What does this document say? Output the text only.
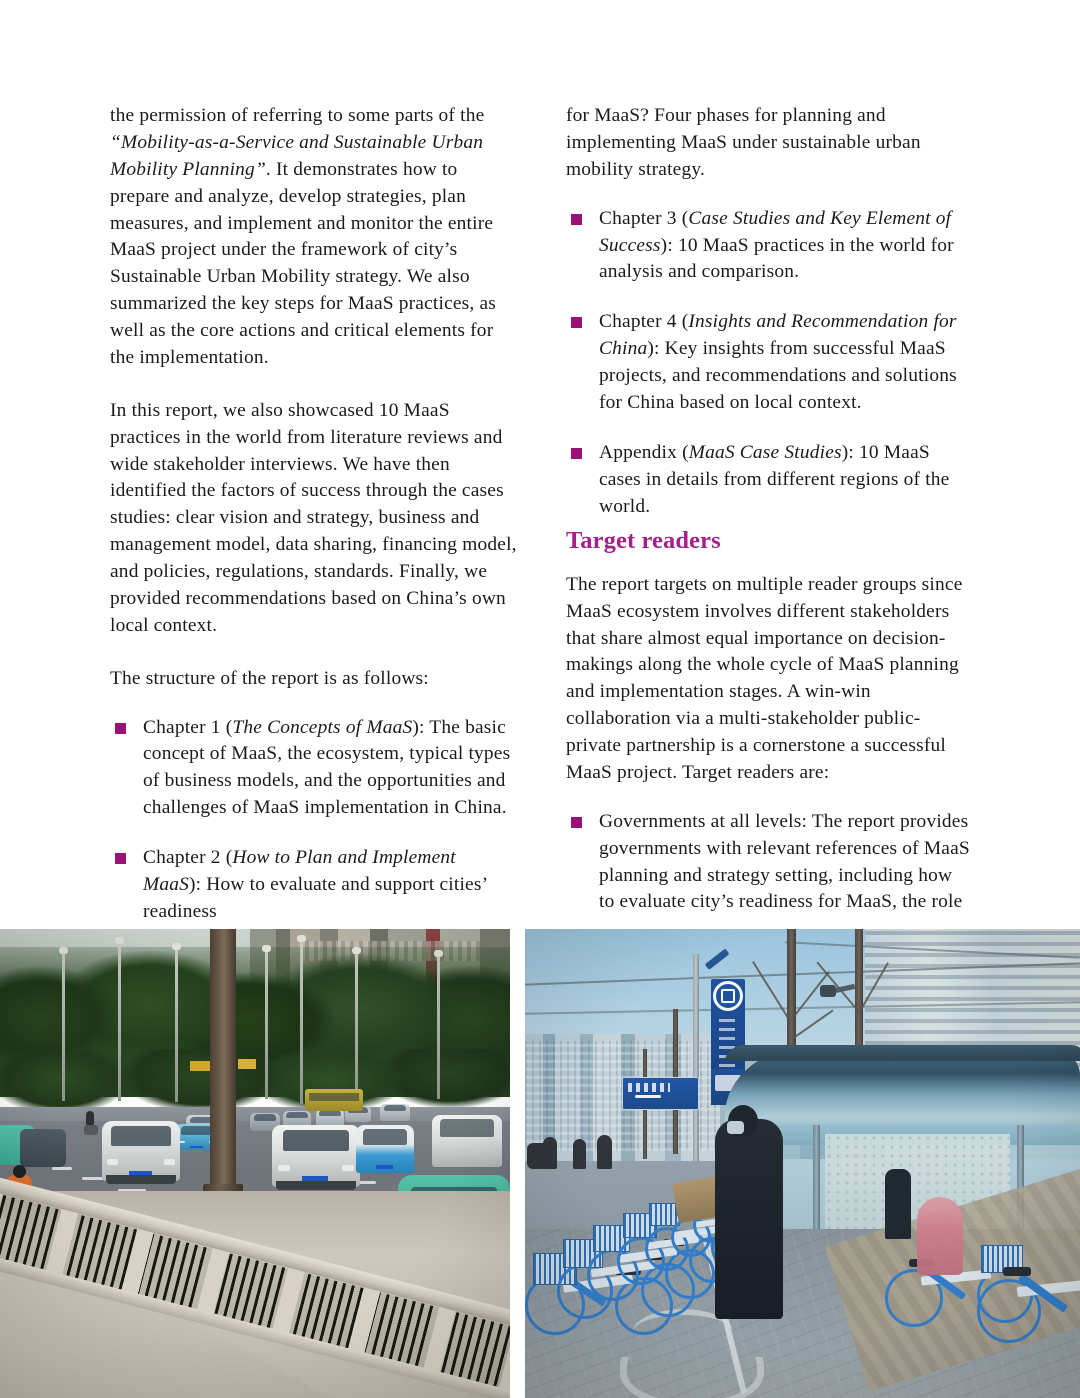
the permission of referring to some parts of the “Mobility-as-a-Service and Sustainable Urban Mobility Planning”. It demonstrates how to prepare and analyze, develop strategies, plan measures, and implement and monitor the entire MaaS project under the framework of city’s Sustainable Urban Mobility strategy. We also summarized the key steps for MaaS practices, as well as the core actions and critical elements for the implementation.

In this report, we also showcased 10 MaaS practices in the world from literature reviews and wide stakeholder interviews. We have then identified the factors of success through the cases studies: clear vision and strategy, business and management model, data sharing, financing model, and policies, regulations, standards. Finally, we provided recommendations based on China’s own local context.

The structure of the report is as follows:

Chapter 1 (The Concepts of MaaS): The basic concept of MaaS, the ecosystem, typical types of business models, and the opportunities and challenges of MaaS implementation in China.
Chapter 2 (How to Plan and Implement MaaS): How to evaluate and support cities’ readiness

for MaaS? Four phases for planning and implementing MaaS under sustainable urban mobility strategy.

Chapter 3 (Case Studies and Key Element of Success): 10 MaaS practices in the world for analysis and comparison.
Chapter 4 (Insights and Recommendation for China): Key insights from successful MaaS projects, and recommendations and solutions for China based on local context.
Appendix (MaaS Case Studies): 10 MaaS cases in details from different regions of the world.
Target readers

The report targets on multiple reader groups since MaaS ecosystem involves different stakeholders that share almost equal importance on decision-makings along the whole cycle of MaaS planning and implementation stages. A win-win collaboration via a multi-stakeholder public-private partnership is a cornerstone a successful MaaS project. Target readers are:

Governments at all levels: The report provides governments with relevant references of MaaS planning and strategy setting, including how to evaluate city’s readiness for MaaS, the role
